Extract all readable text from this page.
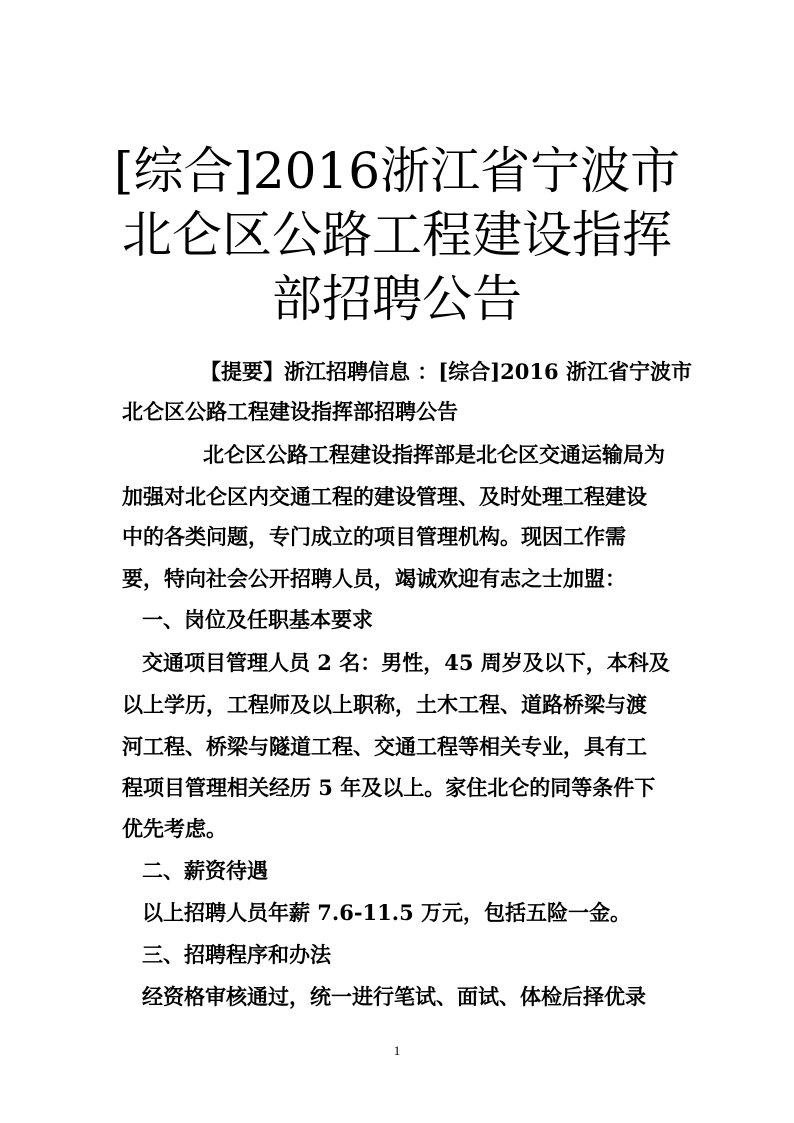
[综合]2016浙江省宁波市
北仑区公路工程建设指挥
部招聘公告
【提要】浙江招聘信息 ：[综合]2016 浙江省宁波市
北仑区公路工程建设指挥部招聘公告
北仑区公路工程建设指挥部是北仑区交通运输局为
加强对北仑区内交通工程的建设管理、及时处理工程建设
中的各类问题，专门成立的项目管理机构。现因工作需
要，特向社会公开招聘人员，竭诚欢迎有志之士加盟：
一、岗位及任职基本要求
交通项目管理人员 2 名：男性，45 周岁及以下，本科及
以上学历，工程师及以上职称，土木工程、道路桥梁与渡
河工程、桥梁与隧道工程、交通工程等相关专业，具有工
程项目管理相关经历 5 年及以上。家住北仑的同等条件下
优先考虑。
二、薪资待遇
以上招聘人员年薪 7.6-11.5 万元，包括五险一金。
三、招聘程序和办法
经资格审核通过，统一进行笔试、面试、体检后择优录
1
